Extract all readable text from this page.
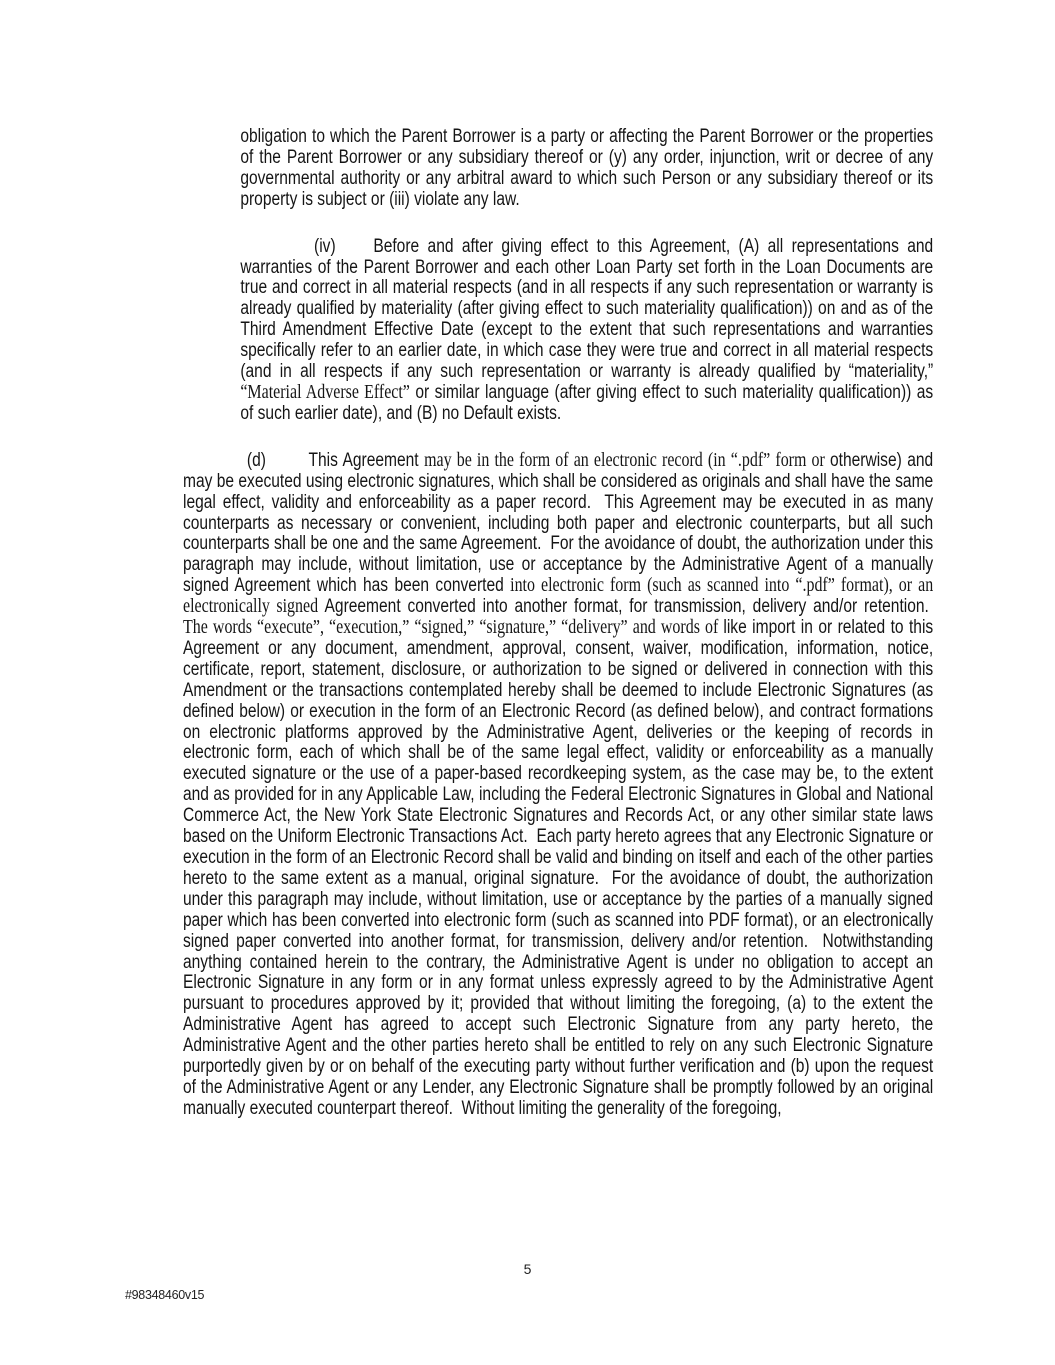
obligation to which the Parent Borrower is a party or affecting the Parent Borrower or the properties of the Parent Borrower or any subsidiary thereof or (y) any order, injunction, writ or decree of any governmental authority or any arbitral award to which such Person or any subsidiary thereof or its property is subject or (iii) violate any law.

(iv) Before and after giving effect to this Agreement, (A) all representations and warranties of the Parent Borrower and each other Loan Party set forth in the Loan Documents are true and correct in all material respects (and in all respects if any such representation or warranty is already qualified by materiality (after giving effect to such materiality qualification)) on and as of the Third Amendment Effective Date (except to the extent that such representations and warranties specifically refer to an earlier date, in which case they were true and correct in all material respects (and in all respects if any such representation or warranty is already qualified by “materiality,” “Material Adverse Effect” or similar language (after giving effect to such materiality qualification)) as of such earlier date), and (B) no Default exists.

(d) This Agreement may be in the form of an electronic record (in “.pdf” form or otherwise) and may be executed using electronic signatures, which shall be considered as originals and shall have the same legal effect, validity and enforceability as a paper record.  This Agreement may be executed in as many counterparts as necessary or convenient, including both paper and electronic counterparts, but all such counterparts shall be one and the same Agreement.  For the avoidance of doubt, the authorization under this paragraph may include, without limitation, use or acceptance by the Administrative Agent of a manually signed Agreement which has been converted into electronic form (such as scanned into “.pdf” format), or an electronically signed Agreement converted into another format, for transmission, delivery and/or retention.  The words “execute”, “execution,” “signed,” “signature,” “delivery” and words of like import in or related to this Agreement or any document, amendment, approval, consent, waiver, modification, information, notice, certificate, report, statement, disclosure, or authorization to be signed or delivered in connection with this Amendment or the transactions contemplated hereby shall be deemed to include Electronic Signatures (as defined below) or execution in the form of an Electronic Record (as defined below), and contract formations on electronic platforms approved by the Administrative Agent, deliveries or the keeping of records in electronic form, each of which shall be of the same legal effect, validity or enforceability as a manually executed signature or the use of a paper-based recordkeeping system, as the case may be, to the extent and as provided for in any Applicable Law, including the Federal Electronic Signatures in Global and National Commerce Act, the New York State Electronic Signatures and Records Act, or any other similar state laws based on the Uniform Electronic Transactions Act.  Each party hereto agrees that any Electronic Signature or execution in the form of an Electronic Record shall be valid and binding on itself and each of the other parties hereto to the same extent as a manual, original signature.  For the avoidance of doubt, the authorization under this paragraph may include, without limitation, use or acceptance by the parties of a manually signed paper which has been converted into electronic form (such as scanned into PDF format), or an electronically signed paper converted into another format, for transmission, delivery and/or retention.  Notwithstanding anything contained herein to the contrary, the Administrative Agent is under no obligation to accept an Electronic Signature in any form or in any format unless expressly agreed to by the Administrative Agent pursuant to procedures approved by it; provided that without limiting the foregoing, (a) to the extent the Administrative Agent has agreed to accept such Electronic Signature from any party hereto, the Administrative Agent and the other parties hereto shall be entitled to rely on any such Electronic Signature purportedly given by or on behalf of the executing party without further verification and (b) upon the request of the Administrative Agent or any Lender, any Electronic Signature shall be promptly followed by an original manually executed counterpart thereof.  Without limiting the generality of the foregoing,

5
#98348460v15
